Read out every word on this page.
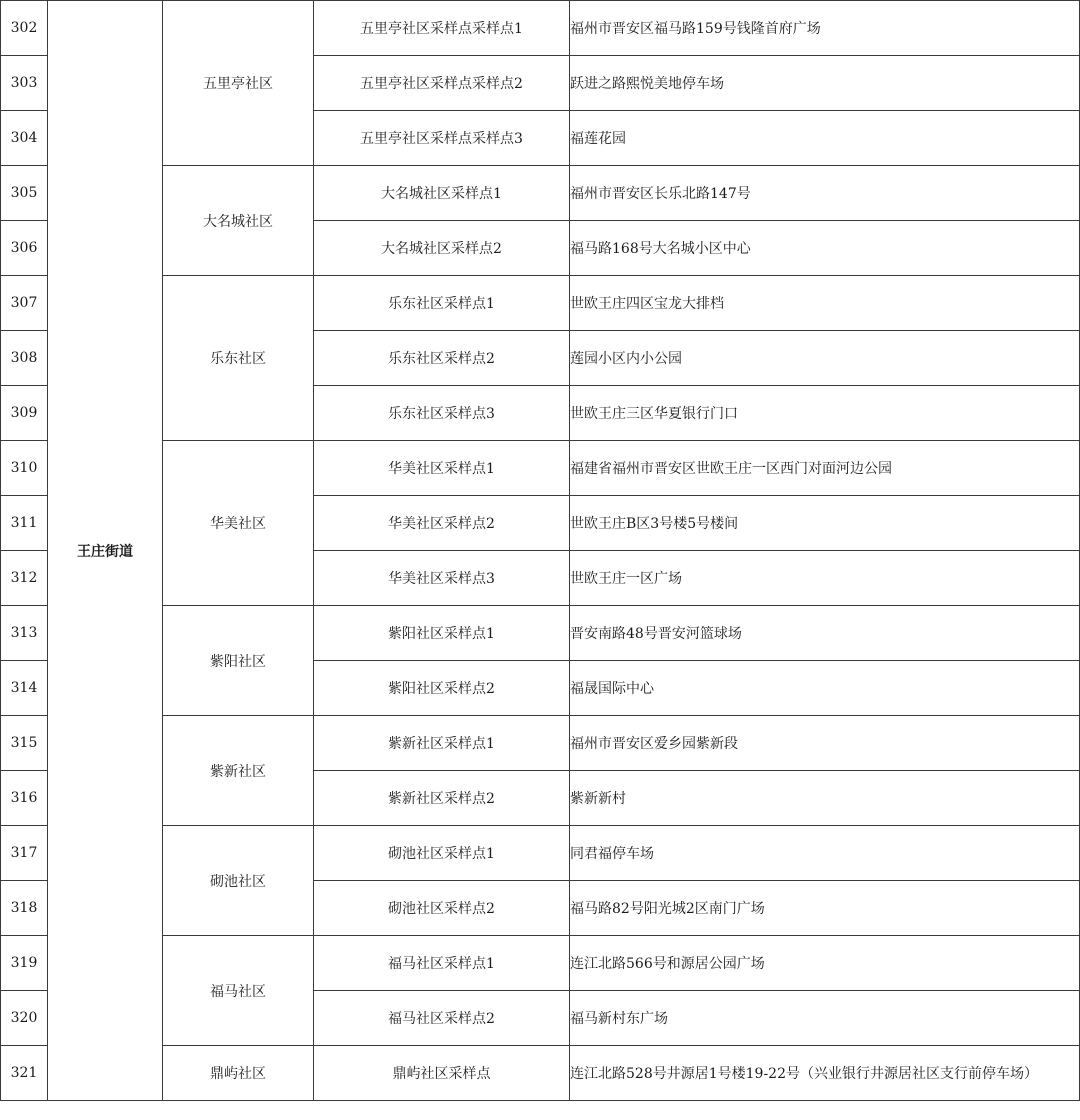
302	王庄街道	五里亭社区	五里亭社区采样点采样点1	福州市晋安区福马路159号钱隆首府广场
303			五里亭社区采样点采样点2	跃进之路熙悦美地停车场
304			五里亭社区采样点采样点3	福莲花园
305		大名城社区	大名城社区采样点1	福州市晋安区长乐北路147号
306			大名城社区采样点2	福马路168号大名城小区中心
307		乐东社区	乐东社区采样点1	世欧王庄四区宝龙大排档
308			乐东社区采样点2	莲园小区内小公园
309			乐东社区采样点3	世欧王庄三区华夏银行门口
310		华美社区	华美社区采样点1	福建省福州市晋安区世欧王庄一区西门对面河边公园
311			华美社区采样点2	世欧王庄B区3号楼5号楼间
312			华美社区采样点3	世欧王庄一区广场
313		紫阳社区	紫阳社区采样点1	晋安南路48号晋安河篮球场
314			紫阳社区采样点2	福晟国际中心
315		紫新社区	紫新社区采样点1	福州市晋安区爱乡园紫新段
316			紫新社区采样点2	紫新新村
317		砌池社区	砌池社区采样点1	同君福停车场
318			砌池社区采样点2	福马路82号阳光城2区南门广场
319		福马社区	福马社区采样点1	连江北路566号和源居公园广场
320			福马社区采样点2	福马新村东广场
321		鼎屿社区	鼎屿社区采样点	连江北路528号井源居1号楼19-22号（兴业银行井源居社区支行前停车场）
